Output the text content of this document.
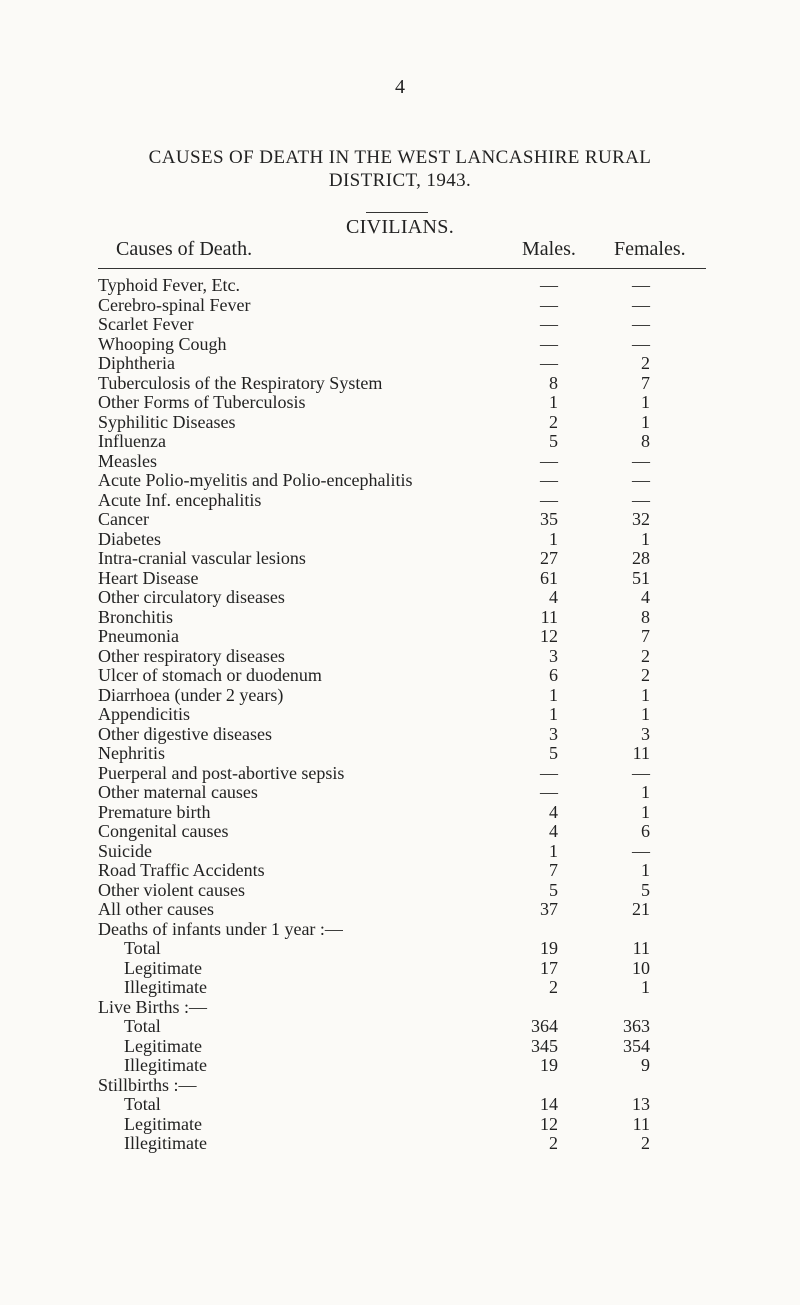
4
CAUSES OF DEATH IN THE WEST LANCASHIRE RURAL
DISTRICT, 1943.
CIVILIANS.
Causes of Death.	Males. Females.
Typhoid Fever, Etc.	—	—
Cerebro-spinal Fever	—	—
Scarlet Fever	—	—
Whooping Cough	—	—
Diphtheria	—	2
Tuberculosis of the Respiratory System	8	7
Other Forms of Tuberculosis	1	1
Syphilitic Diseases	2	1
Influenza	5	8
Measles	—	—
Acute Polio-myelitis and Polio-encephalitis	—	—
Acute Inf. encephalitis	—	—
Cancer	35	32
Diabetes	1	1
Intra-cranial vascular lesions	27	28
Heart Disease	61	51
Other circulatory diseases	4	4
Bronchitis	11	8
Pneumonia	12	7
Other respiratory diseases	3	2
Ulcer of stomach or duodenum	6	2
Diarrhoea (under 2 years)	1	1
Appendicitis	1	1
Other digestive diseases	3	3
Nephritis	5	11
Puerperal and post-abortive sepsis	—	—
Other maternal causes	—	1
Premature birth	4	1
Congenital causes	4	6
Suicide	1	—
Road Traffic Accidents	7	1
Other violent causes	5	5
All other causes	37	21
Deaths of infants under 1 year :—
Total	19	11
Legitimate	17	10
Illegitimate	2	1
Live Births :—
Total	364	363
Legitimate	345	354
Illegitimate	19	9
Stillbirths :—
Total	14	13
Legitimate	12	11
Illegitimate	2	2
